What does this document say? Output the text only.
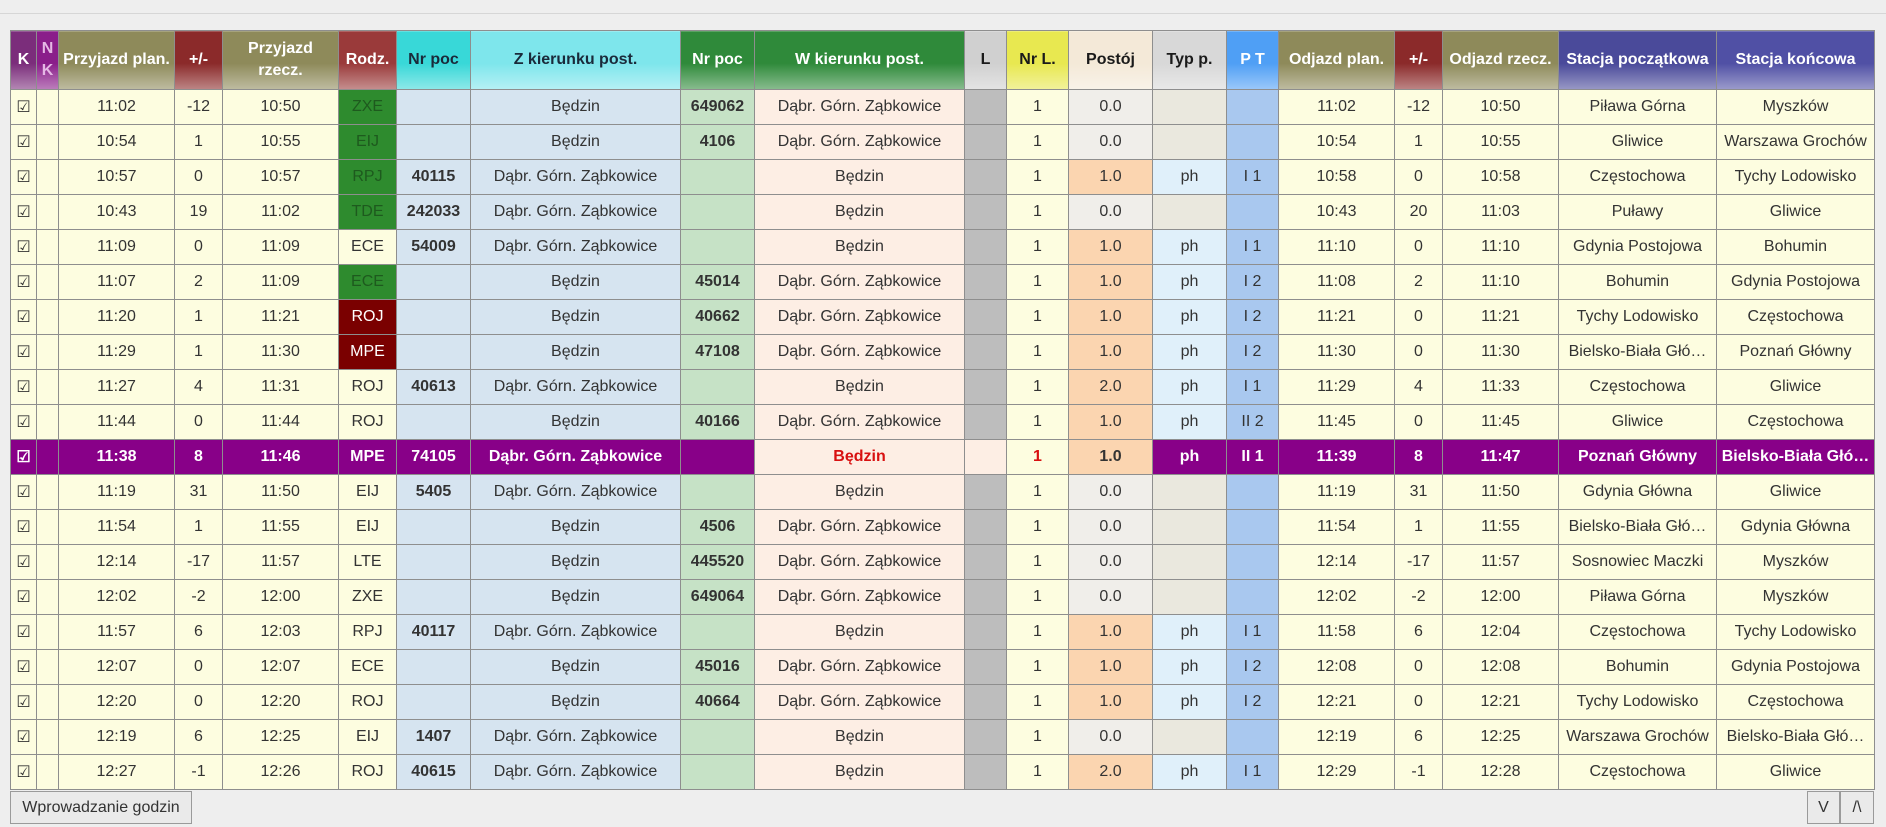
K	N K	Przyjazd plan.	+/-	Przyjazd rzecz.	Rodz.	Nr poc	Z kierunku post.	Nr poc	W kierunku post.	L	Nr L.	Postój	Typ p.	P T	Odjazd plan.	+/-	Odjazd rzecz.	Stacja początkowa	Stacja końcowa
☑		11:02	-12	10:50	ZXE		Będzin	649062	Dąbr. Górn. Ząbkowice		1	0.0			11:02	-12	10:50	Piława Górna	Myszków
☑		10:54	1	10:55	EIJ		Będzin	4106	Dąbr. Górn. Ząbkowice		1	0.0			10:54	1	10:55	Gliwice	Warszawa Grochów
☑		10:57	0	10:57	RPJ	40115	Dąbr. Górn. Ząbkowice		Będzin		1	1.0	ph	I 1	10:58	0	10:58	Częstochowa	Tychy Lodowisko
☑		10:43	19	11:02	TDE	242033	Dąbr. Górn. Ząbkowice		Będzin		1	0.0			10:43	20	11:03	Puławy	Gliwice
☑		11:09	0	11:09	ECE	54009	Dąbr. Górn. Ząbkowice		Będzin		1	1.0	ph	I 1	11:10	0	11:10	Gdynia Postojowa	Bohumin
☑		11:07	2	11:09	ECE		Będzin	45014	Dąbr. Górn. Ząbkowice		1	1.0	ph	I 2	11:08	2	11:10	Bohumin	Gdynia Postojowa
☑		11:20	1	11:21	ROJ		Będzin	40662	Dąbr. Górn. Ząbkowice		1	1.0	ph	I 2	11:21	0	11:21	Tychy Lodowisko	Częstochowa
☑		11:29	1	11:30	MPE		Będzin	47108	Dąbr. Górn. Ząbkowice		1	1.0	ph	I 2	11:30	0	11:30	Bielsko-Biała Głó…	Poznań Główny
☑		11:27	4	11:31	ROJ	40613	Dąbr. Górn. Ząbkowice		Będzin		1	2.0	ph	I 1	11:29	4	11:33	Częstochowa	Gliwice
☑		11:44	0	11:44	ROJ		Będzin	40166	Dąbr. Górn. Ząbkowice		1	1.0	ph	II 2	11:45	0	11:45	Gliwice	Częstochowa
☑		11:38	8	11:46	MPE	74105	Dąbr. Górn. Ząbkowice		Będzin		1	1.0	ph	II 1	11:39	8	11:47	Poznań Główny	Bielsko-Biała Głó…
☑		11:19	31	11:50	EIJ	5405	Dąbr. Górn. Ząbkowice		Będzin		1	0.0			11:19	31	11:50	Gdynia Główna	Gliwice
☑		11:54	1	11:55	EIJ		Będzin	4506	Dąbr. Górn. Ząbkowice		1	0.0			11:54	1	11:55	Bielsko-Biała Głó…	Gdynia Główna
☑		12:14	-17	11:57	LTE		Będzin	445520	Dąbr. Górn. Ząbkowice		1	0.0			12:14	-17	11:57	Sosnowiec Maczki	Myszków
☑		12:02	-2	12:00	ZXE		Będzin	649064	Dąbr. Górn. Ząbkowice		1	0.0			12:02	-2	12:00	Piława Górna	Myszków
☑		11:57	6	12:03	RPJ	40117	Dąbr. Górn. Ząbkowice		Będzin		1	1.0	ph	I 1	11:58	6	12:04	Częstochowa	Tychy Lodowisko
☑		12:07	0	12:07	ECE		Będzin	45016	Dąbr. Górn. Ząbkowice		1	1.0	ph	I 2	12:08	0	12:08	Bohumin	Gdynia Postojowa
☑		12:20	0	12:20	ROJ		Będzin	40664	Dąbr. Górn. Ząbkowice		1	1.0	ph	I 2	12:21	0	12:21	Tychy Lodowisko	Częstochowa
☑		12:19	6	12:25	EIJ	1407	Dąbr. Górn. Ząbkowice		Będzin		1	0.0			12:19	6	12:25	Warszawa Grochów	Bielsko-Biała Głó…
☑		12:27	-1	12:26	ROJ	40615	Dąbr. Górn. Ząbkowice		Będzin		1	2.0	ph	I 1	12:29	-1	12:28	Częstochowa	Gliwice
Wprowadzanie godzin	V	/\
